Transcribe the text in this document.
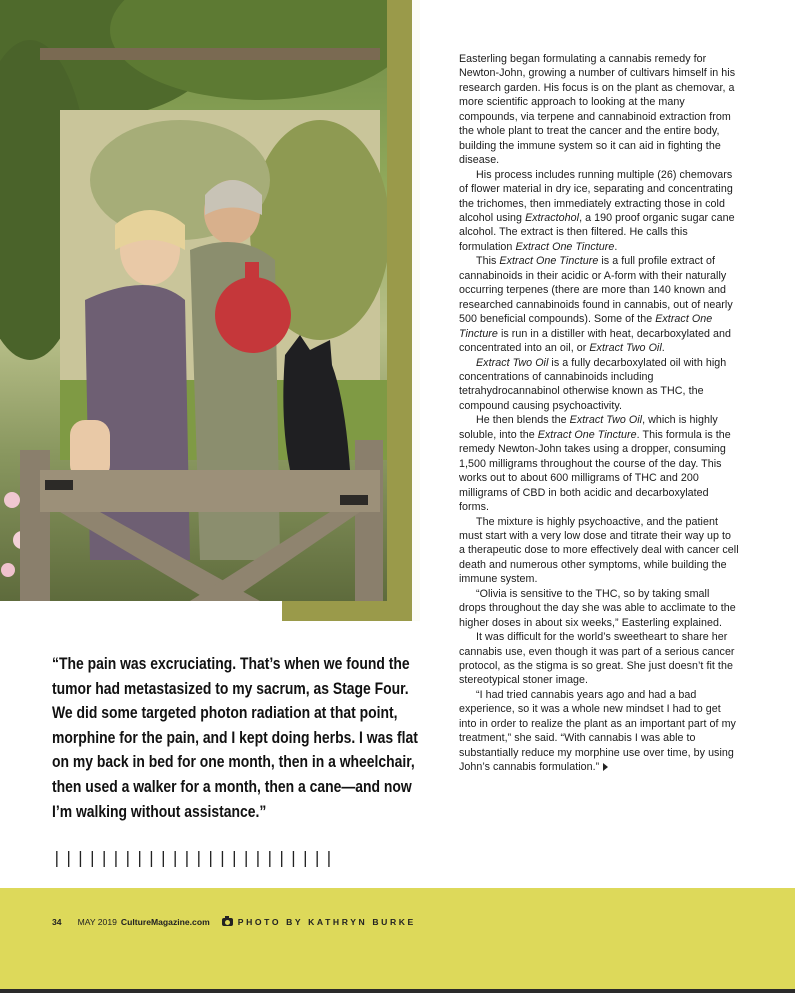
Easterling began formulating a cannabis remedy for Newton-John, growing a number of cultivars himself in his research garden. His focus is on the plant as chemovar, a more scientific approach to looking at the many compounds, via terpene and cannabinoid extraction from the whole plant to treat the cancer and the entire body, building the immune system so it can aid in fighting the disease.

His process includes running multiple (26) chemovars of flower material in dry ice, separating and concentrating the trichomes, then immediately extracting those in cold alcohol using Extractohol, a 190 proof organic sugar cane alcohol. The extract is then filtered. He calls this formulation Extract One Tincture.

This Extract One Tincture is a full profile extract of cannabinoids in their acidic or A-form with their naturally occurring terpenes (there are more than 140 known and researched cannabinoids found in cannabis, out of nearly 500 beneficial compounds). Some of the Extract One Tincture is run in a distiller with heat, decarboxylated and concentrated into an oil, or Extract Two Oil.

Extract Two Oil is a fully decarboxylated oil with high concentrations of cannabinoids including tetrahydrocannabinol otherwise known as THC, the compound causing psychoactivity.

He then blends the Extract Two Oil, which is highly soluble, into the Extract One Tincture. This formula is the remedy Newton-John takes using a dropper, consuming 1,500 milligrams throughout the course of the day. This works out to about 600 milligrams of THC and 200 milligrams of CBD in both acidic and decarboxylated forms.

The mixture is highly psychoactive, and the patient must start with a very low dose and titrate their way up to a therapeutic dose to more effectively deal with cancer cell death and numerous other symptoms, while building the immune system.

“Olivia is sensitive to the THC, so by taking small drops throughout the day she was able to acclimate to the higher doses in about six weeks,” Easterling explained.

It was difficult for the world’s sweetheart to share her cannabis use, even though it was part of a serious cancer protocol, as the stigma is so great. She just doesn’t fit the stereotypical stoner image.

“I had tried cannabis years ago and had a bad experience, so it was a whole new mindset I had to get into in order to realize the plant as an important part of my treatment,” she said. “With cannabis I was able to substantially reduce my morphine use over time, by using John’s cannabis formulation.”

“The pain was excruciating. That’s when we found the tumor had metastasized to my sacrum, as Stage Four. We did some targeted photon radiation at that point, morphine for the pain, and I kept doing herbs. I was flat on my back in bed for one month, then in a wheelchair, then used a walker for a month, then a cane—and now I’m walking without assistance.”
||||||||||||||||||||||||
34 MAY 2019 CultureMagazine.com	PHOTO BY KATHRYN BURKE
